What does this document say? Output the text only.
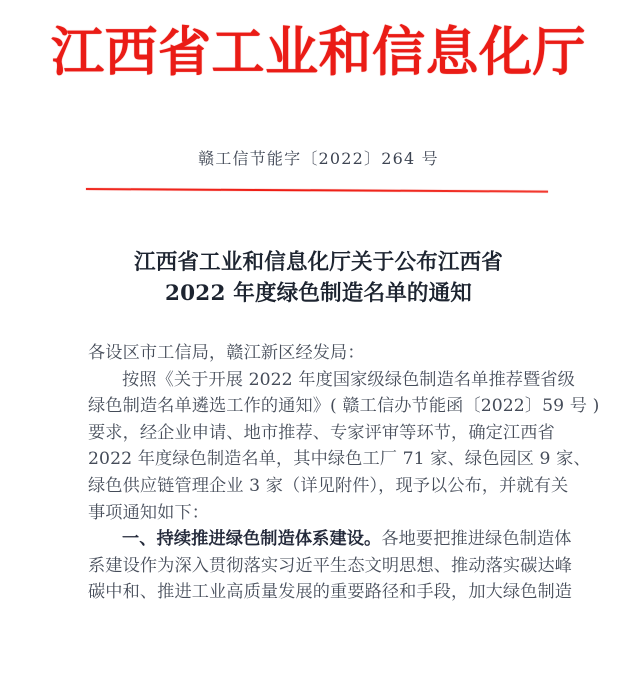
江西省工业和信息化厅
赣工信节能字〔2022〕264 号
江西省工业和信息化厅关于公布江西省
2022 年度绿色制造名单的通知
各设区市工信局，赣江新区经发局：
按照《关于开展 2022 年度国家级绿色制造名单推荐暨省级
绿色制造名单遴选工作的通知》( 赣工信办节能函〔2022〕59 号 )
要求，经企业申请、地市推荐、专家评审等环节，确定江西省
2022 年度绿色制造名单，其中绿色工厂 71 家、绿色园区 9 家、
绿色供应链管理企业 3 家（详见附件），现予以公布，并就有关
事项通知如下：
一、持续推进绿色制造体系建设。各地要把推进绿色制造体
系建设作为深入贯彻落实习近平生态文明思想、推动落实碳达峰
碳中和、推进工业高质量发展的重要路径和手段，加大绿色制造
